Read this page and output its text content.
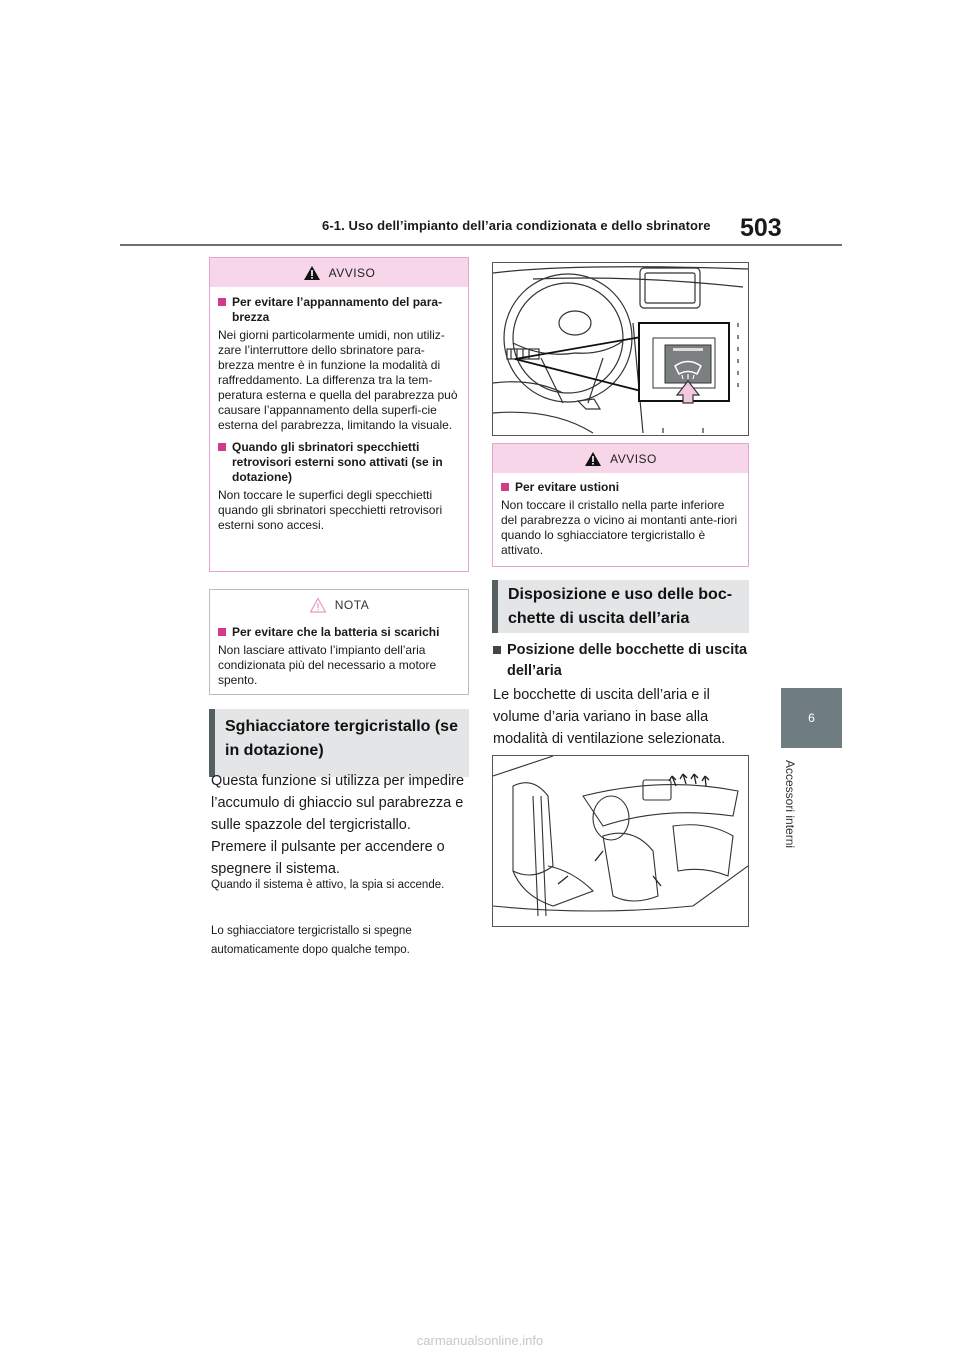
6-1. Uso dell’impianto dell’aria condizionata e dello sbrinatore 503
6
Accessori interni
AVVISO
Per evitare l’appannamento del para-brezza

Nei giorni particolarmente umidi, non utiliz-zare l’interruttore dello sbrinatore para-brezza mentre è in funzione la modalità di raffreddamento. La differenza tra la tem-peratura esterna e quella del parabrezza può causare l’appannamento della superfi-cie esterna del parabrezza, limitando la visuale.

Quando gli sbrinatori specchietti retrovisori esterni sono attivati (se in dotazione)

Non toccare le superfici degli specchietti quando gli sbrinatori specchietti retrovisori esterni sono accesi.

NOTA
Per evitare che la batteria si scarichi

Non lasciare attivato l’impianto dell’aria condizionata più del necessario a motore spento.

Sghiacciatore tergicristallo (se in dotazione)
Questa funzione si utilizza per impedire l’accumulo di ghiaccio sul parabrezza e sulle spazzole del tergicristallo.
Premere il pulsante per accendere o spegnere il sistema.
Quando il sistema è attivo, la spia si accende.
Lo sghiacciatore tergicristallo si spegne automaticamente dopo qualche tempo.
AVVISO
Per evitare ustioni

Non toccare il cristallo nella parte inferiore del parabrezza o vicino ai montanti ante-riori quando lo sghiacciatore tergicristallo è attivato.

Disposizione e uso delle boc-chette di uscita dell’aria
Posizione delle bocchette di uscita dell’aria
Le bocchette di uscita dell’aria e il volume d’aria variano in base alla modalità di ventilazione selezionata.
carmanualsonline.info
